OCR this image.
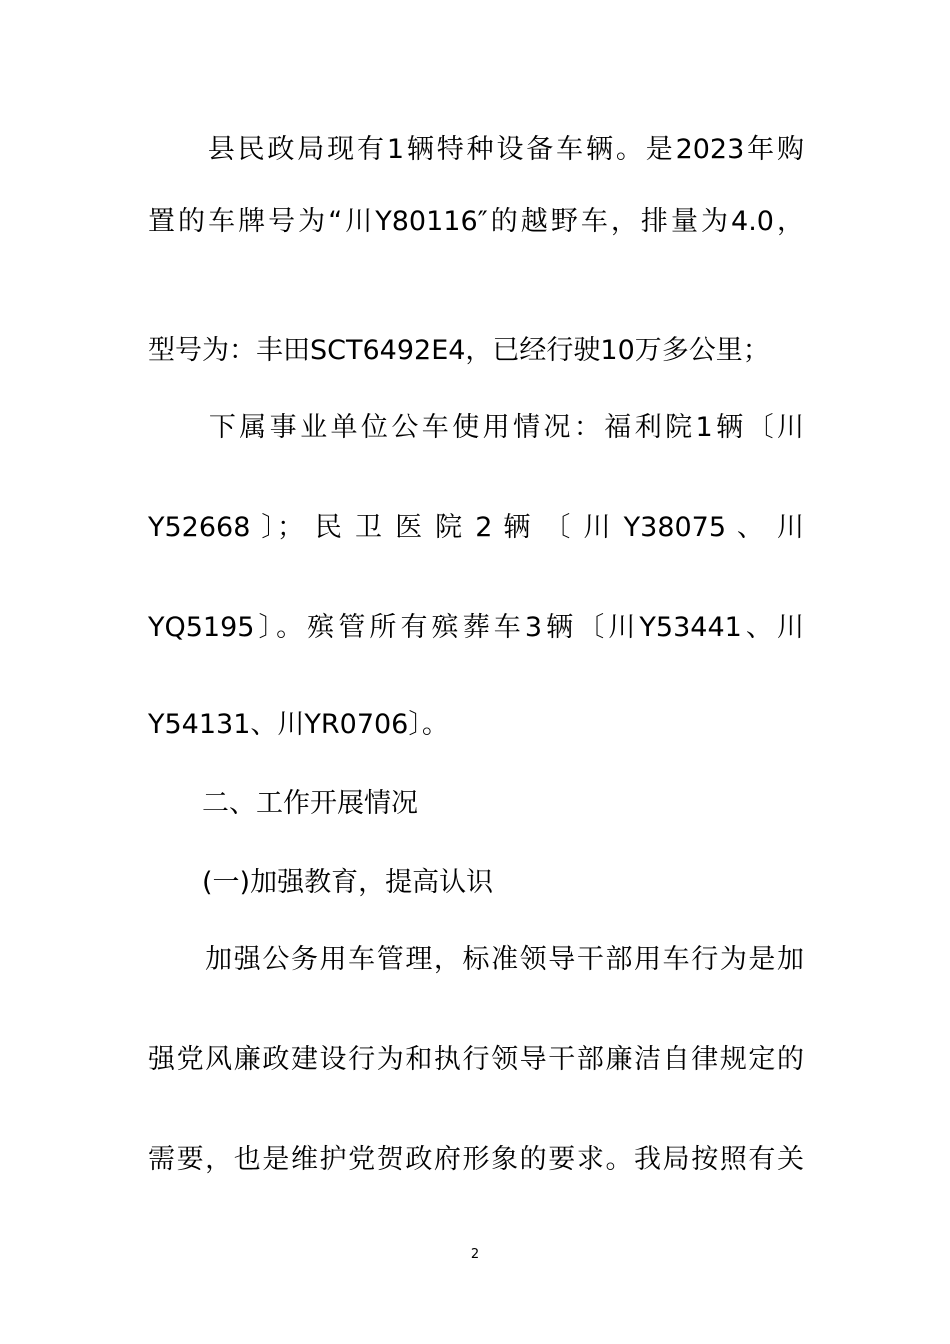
　　县民政局现有1辆特种设备车辆。是2023年购
置的车牌号为“川Y80116″的越野车，排量为4.0，
型号为：丰田SCT6492E4，已经行驶10万多公里；
　　下属事业单位公车使用情况：福利院1辆〔川
Y52668 〕； 民 卫 医 院 2 辆 〔 川 Y38075 、 川
YQ5195〕。殡管所有殡葬车3辆〔川Y53441、川
Y54131、川YR0706〕。
　　二、工作开展情况
　　(一)加强教育，提高认识
　　加强公务用车管理，标准领导干部用车行为是加
强党风廉政建设行为和执行领导干部廉洁自律规定的
需要，也是维护党贺政府形象的要求。我局按照有关
2
